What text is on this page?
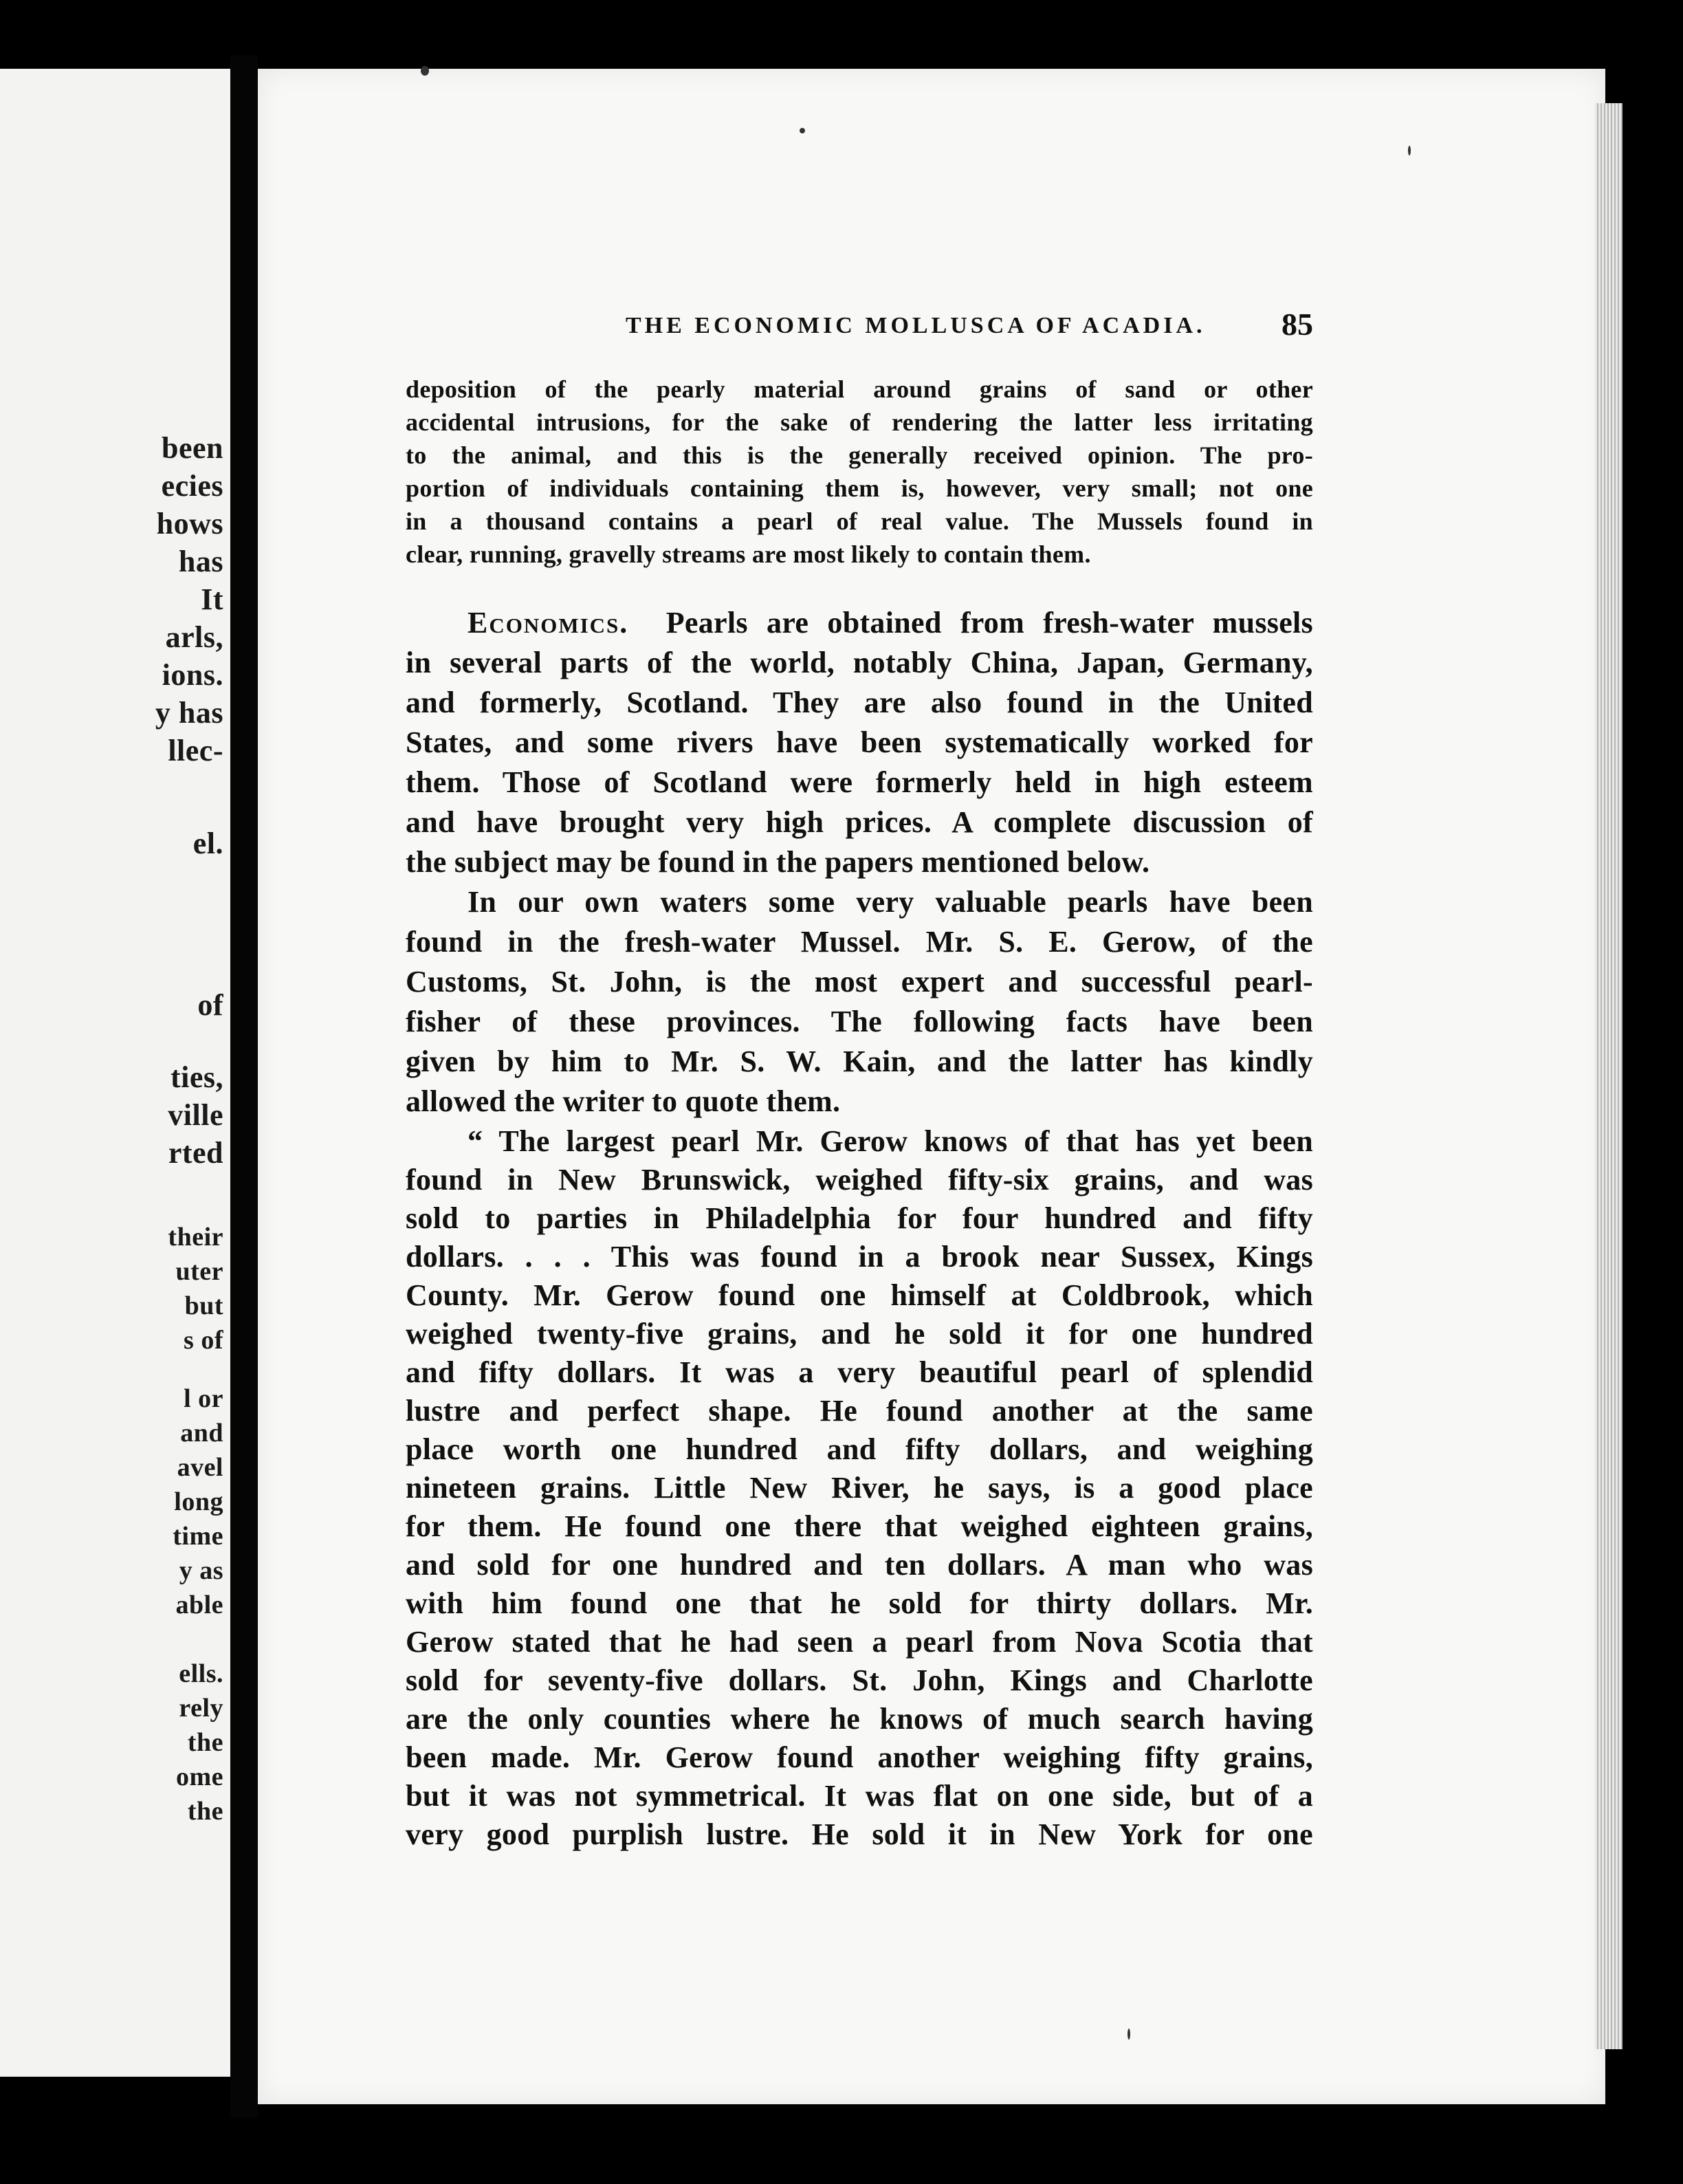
been
ecies
hows
has
It
arls,
ions.
y has
llec-
el.
of
ties,
ville
rted
their
uter
but
s of
l or
and
avel
long
time
y as
able
ells.
rely
the
ome
the
THE ECONOMIC MOLLUSCA OF ACADIA. 85
deposition of the pearly material around grains of sand or other
accidental intrusions, for the sake of rendering the latter less irritating
to the animal, and this is the generally received opinion. The pro-
portion of individuals containing them is, however, very small; not one
in a thousand contains a pearl of real value. The Mussels found in
clear, running, gravelly streams are most likely to contain them.
Economics. Pearls are obtained from fresh-water mussels
in several parts of the world, notably China, Japan, Germany,
and formerly, Scotland. They are also found in the United
States, and some rivers have been systematically worked for
them. Those of Scotland were formerly held in high esteem
and have brought very high prices. A complete discussion of
the subject may be found in the papers mentioned below.
In our own waters some very valuable pearls have been
found in the fresh-water Mussel. Mr. S. E. Gerow, of the
Customs, St. John, is the most expert and successful pearl-
fisher of these provinces. The following facts have been
given by him to Mr. S. W. Kain, and the latter has kindly
allowed the writer to quote them.
“ The largest pearl Mr. Gerow knows of that has yet been
found in New Brunswick, weighed fifty-six grains, and was
sold to parties in Philadelphia for four hundred and fifty
dollars. . . . This was found in a brook near Sussex, Kings
County. Mr. Gerow found one himself at Coldbrook, which
weighed twenty-five grains, and he sold it for one hundred
and fifty dollars. It was a very beautiful pearl of splendid
lustre and perfect shape. He found another at the same
place worth one hundred and fifty dollars, and weighing
nineteen grains. Little New River, he says, is a good place
for them. He found one there that weighed eighteen grains,
and sold for one hundred and ten dollars. A man who was
with him found one that he sold for thirty dollars. Mr.
Gerow stated that he had seen a pearl from Nova Scotia that
sold for seventy-five dollars. St. John, Kings and Charlotte
are the only counties where he knows of much search having
been made. Mr. Gerow found another weighing fifty grains,
but it was not symmetrical. It was flat on one side, but of a
very good purplish lustre. He sold it in New York for one
